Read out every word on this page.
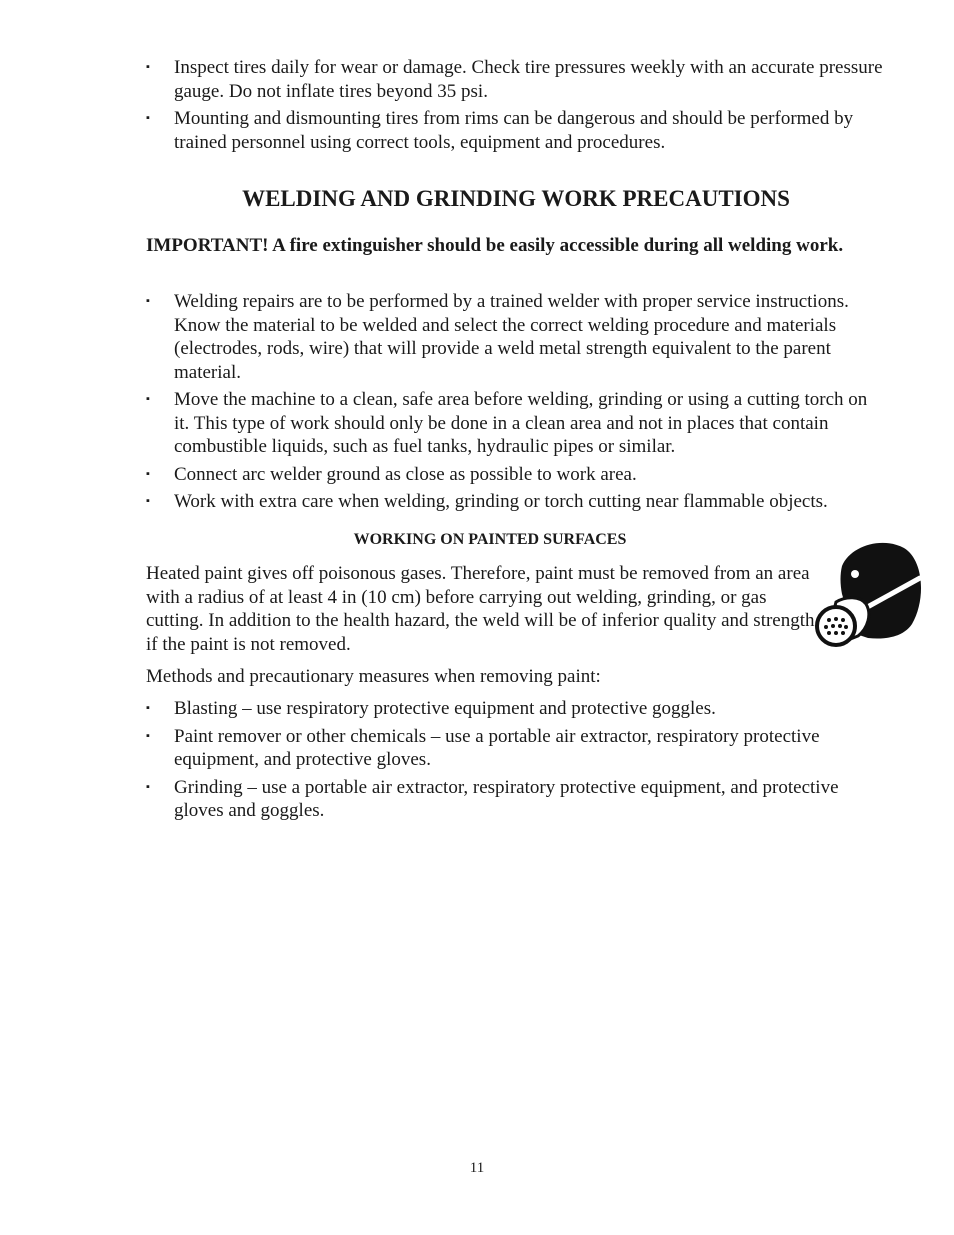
▪ Inspect tires daily for wear or damage. Check tire pressures weekly with an accurate pressure gauge. Do not inflate tires beyond 35 psi.
▪ Mounting and dismounting tires from rims can be dangerous and should be performed by trained personnel using correct tools, equipment and procedures.
WELDING AND GRINDING WORK PRECAUTIONS

IMPORTANT! A fire extinguisher should be easily accessible during all welding work.

▪ Welding repairs are to be performed by a trained welder with proper service instructions. Know the material to be welded and select the correct welding procedure and materials (electrodes, rods, wire) that will provide a weld metal strength equivalent to the parent material.
▪ Move the machine to a clean, safe area before welding, grinding or using a cutting torch on it. This type of work should only be done in a clean area and not in places that contain combustible liquids, such as fuel tanks, hydraulic pipes or similar.
▪ Connect arc welder ground as close as possible to work area.
▪ Work with extra care when welding, grinding or torch cutting near flammable objects.
WORKING ON PAINTED SURFACES

Heated paint gives off poisonous gases. Therefore, paint must be removed from an area with a radius of at least 4 in (10 cm) before carrying out welding, grinding, or gas cutting. In addition to the health hazard, the weld will be of inferior quality and strength if the paint is not removed.

Methods and precautionary measures when removing paint:

▪ Blasting – use respiratory protective equipment and protective goggles.
▪ Paint remover or other chemicals – use a portable air extractor, respiratory protective equipment, and protective gloves.
▪ Grinding – use a portable air extractor, respiratory protective equipment, and protective gloves and goggles.
11
